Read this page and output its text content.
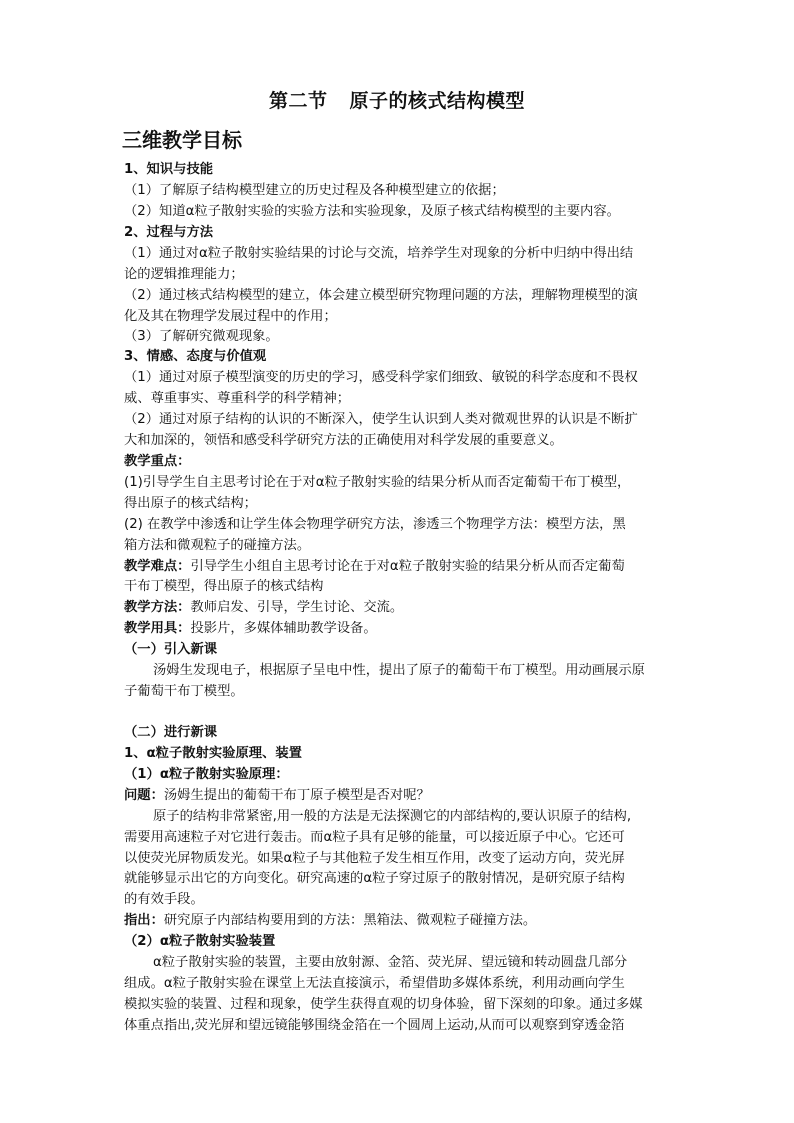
第二节 原子的核式结构模型
三维教学目标
1、知识与技能
（1）了解原子结构模型建立的历史过程及各种模型建立的依据；
（2）知道α粒子散射实验的实验方法和实验现象，及原子核式结构模型的主要内容。
2、过程与方法
（1）通过对α粒子散射实验结果的讨论与交流，培养学生对现象的分析中归纳中得出结
论的逻辑推理能力；
（2）通过核式结构模型的建立，体会建立模型研究物理问题的方法，理解物理模型的演
化及其在物理学发展过程中的作用；
（3）了解研究微观现象。
3、情感、态度与价值观
（1）通过对原子模型演变的历史的学习，感受科学家们细致、敏锐的科学态度和不畏权
威、尊重事实、尊重科学的科学精神；
（2）通过对原子结构的认识的不断深入，使学生认识到人类对微观世界的认识是不断扩
大和加深的，领悟和感受科学研究方法的正确使用对科学发展的重要意义。
教学重点：
(1)引导学生自主思考讨论在于对α粒子散射实验的结果分析从而否定葡萄干布丁模型，
得出原子的核式结构；
(2) 在教学中渗透和让学生体会物理学研究方法，渗透三个物理学方法：模型方法，黑
箱方法和微观粒子的碰撞方法。
教学难点：引导学生小组自主思考讨论在于对α粒子散射实验的结果分析从而否定葡萄
干布丁模型，得出原子的核式结构
教学方法：教师启发、引导，学生讨论、交流。
教学用具：投影片，多媒体辅助教学设备。
（一）引入新课
汤姆生发现电子，根据原子呈电中性，提出了原子的葡萄干布丁模型。用动画展示原
子葡萄干布丁模型。
（二）进行新课
1、α粒子散射实验原理、装置
（1）α粒子散射实验原理：
问题：汤姆生提出的葡萄干布丁原子模型是否对呢？
原子的结构非常紧密,用一般的方法是无法探测它的内部结构的,要认识原子的结构,
需要用高速粒子对它进行轰击。而α粒子具有足够的能量，可以接近原子中心。它还可
以使荧光屏物质发光。如果α粒子与其他粒子发生相互作用，改变了运动方向，荧光屏
就能够显示出它的方向变化。研究高速的α粒子穿过原子的散射情况，是研究原子结构
的有效手段。
指出：研究原子内部结构要用到的方法：黑箱法、微观粒子碰撞方法。
（2）α粒子散射实验装置
α粒子散射实验的装置，主要由放射源、金箔、荧光屏、望远镜和转动圆盘几部分
组成。α粒子散射实验在课堂上无法直接演示，希望借助多媒体系统，利用动画向学生
模拟实验的装置、过程和现象，使学生获得直观的切身体验，留下深刻的印象。通过多媒
体重点指出,荧光屏和望远镜能够围绕金箔在一个圆周上运动,从而可以观察到穿透金箔
